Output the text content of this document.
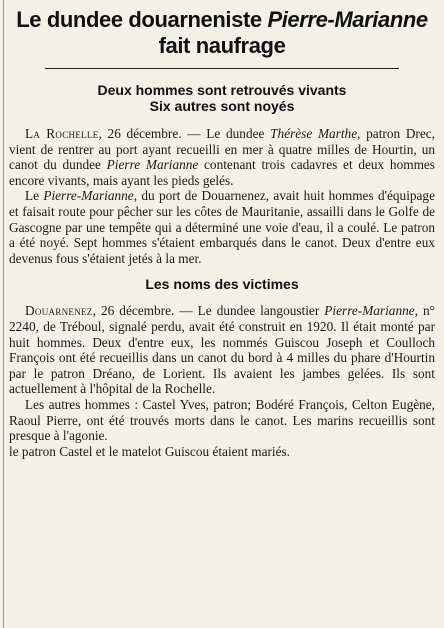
Le dundee douarneniste Pierre-Marianne
fait naufrage
Deux hommes sont retrouvés vivants
Six autres sont noyés

La Rochelle, 26 décembre. — Le dundee Thérèse Marthe, patron Drec, vient de rentrer au port ayant recueilli en mer à quatre milles de Hourtin, un canot du dundee Pierre Marianne contenant trois cadavres et deux hommes encore vivants, mais ayant les pieds gelés.

Le Pierre-Marianne, du port de Douarnenez, avait huit hommes d'équipage et faisait route pour pêcher sur les côtes de Mauritanie, assailli dans le Golfe de Gascogne par une tempête qui a déterminé une voie d'eau, il a coulé. Le patron a été noyé. Sept hommes s'étaient embarqués dans le canot. Deux d'entre eux devenus fous s'étaient jetés à la mer.

Les noms des victimes

Douarnenez, 26 décembre. — Le dundee langoustier Pierre-Marianne, n° 2240, de Tréboul, signalé perdu, avait été construit en 1920. Il était monté par huit hommes. Deux d'entre eux, les nommés Guiscou Joseph et Coulloch François ont été recueillis dans un canot du bord à 4 milles du phare d'Hourtin par le patron Dréano, de Lorient. Ils avaient les jambes gelées. Ils sont actuellement à l'hôpital de la Rochelle.

Les autres hommes : Castel Yves, patron; Bodéré François, Celton Eugène, Raoul Pierre, ont été trouvés morts dans le canot. Les marins recueillis sont presque à l'agonie.

le patron Castel et le matelot Guiscou étaient mariés.
